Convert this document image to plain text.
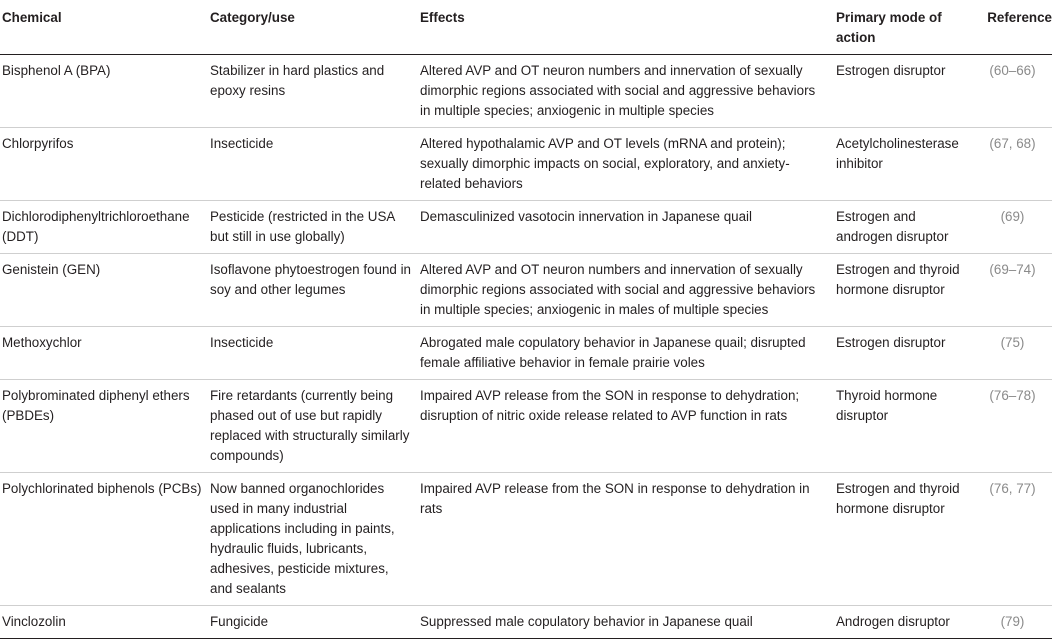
Chemical	Category/use	Effects	Primary mode of action	Reference
Bisphenol A (BPA)	Stabilizer in hard plastics and epoxy resins	Altered AVP and OT neuron numbers and innervation of sexually dimorphic regions associated with social and aggressive behaviors in multiple species; anxiogenic in multiple species	Estrogen disruptor	(60–66)
Chlorpyrifos	Insecticide	Altered hypothalamic AVP and OT levels (mRNA and protein); sexually dimorphic impacts on social, exploratory, and anxiety-related behaviors	Acetylcholinesterase inhibitor	(67, 68)
Dichlorodiphenyltrichloroethane (DDT)	Pesticide (restricted in the USA but still in use globally)	Demasculinized vasotocin innervation in Japanese quail	Estrogen and androgen disruptor	(69)
Genistein (GEN)	Isoflavone phytoestrogen found in soy and other legumes	Altered AVP and OT neuron numbers and innervation of sexually dimorphic regions associated with social and aggressive behaviors in multiple species; anxiogenic in males of multiple species	Estrogen and thyroid hormone disruptor	(69–74)
Methoxychlor	Insecticide	Abrogated male copulatory behavior in Japanese quail; disrupted female affiliative behavior in female prairie voles	Estrogen disruptor	(75)
Polybrominated diphenyl ethers (PBDEs)	Fire retardants (currently being phased out of use but rapidly replaced with structurally similarly compounds)	Impaired AVP release from the SON in response to dehydration; disruption of nitric oxide release related to AVP function in rats	Thyroid hormone disruptor	(76–78)
Polychlorinated biphenols (PCBs)	Now banned organochlorides used in many industrial applications including in paints, hydraulic fluids, lubricants, adhesives, pesticide mixtures, and sealants	Impaired AVP release from the SON in response to dehydration in rats	Estrogen and thyroid hormone disruptor	(76, 77)
Vinclozolin	Fungicide	Suppressed male copulatory behavior in Japanese quail	Androgen disruptor	(79)
